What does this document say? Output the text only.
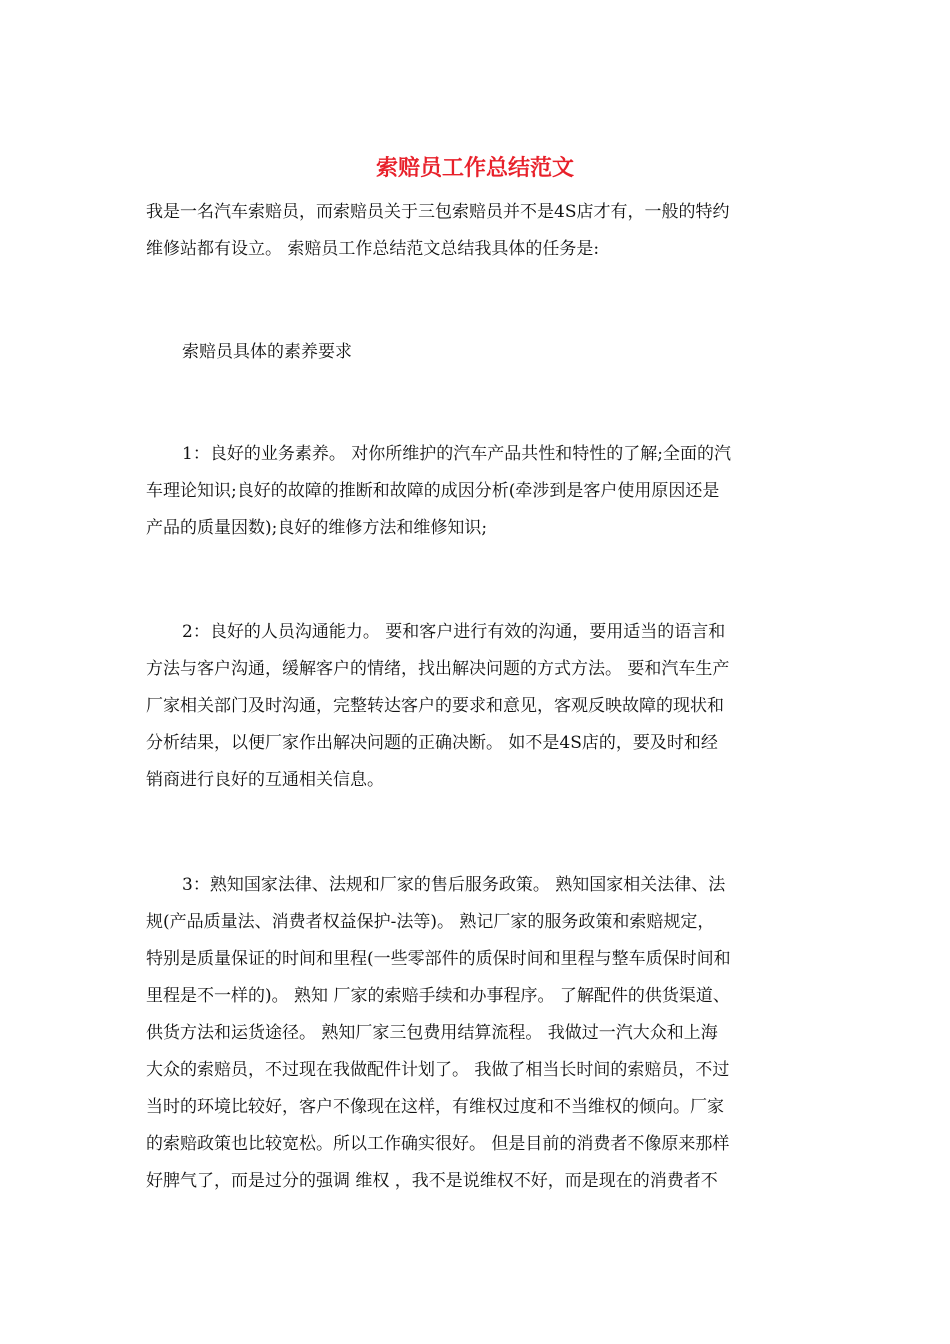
索赔员工作总结范文

我是一名汽车索赔员，而索赔员关于三包索赔员并不是4S店才有，一般的特约
维修站都有设立。 索赔员工作总结范文总结我具体的任务是:

索赔员具体的素养要求

1：良好的业务素养。 对你所维护的汽车产品共性和特性的了解;全面的汽
车理论知识;良好的故障的推断和故障的成因分析(牵涉到是客户使用原因还是
产品的质量因数);良好的维修方法和维修知识;

2：良好的人员沟通能力。 要和客户进行有效的沟通，要用适当的语言和
方法与客户沟通，缓解客户的情绪，找出解决问题的方式方法。 要和汽车生产
厂家相关部门及时沟通，完整转达客户的要求和意见，客观反映故障的现状和
分析结果，以便厂家作出解决问题的正确决断。 如不是4S店的，要及时和经
销商进行良好的互通相关信息。

3：熟知国家法律、法规和厂家的售后服务政策。 熟知国家相关法律、法
规(产品质量法、消费者权益保护-法等)。 熟记厂家的服务政策和索赔规定，
特别是质量保证的时间和里程(一些零部件的质保时间和里程与整车质保时间和
里程是不一样的)。 熟知 厂家的索赔手续和办事程序。 了解配件的供货渠道、
供货方法和运货途径。 熟知厂家三包费用结算流程。 我做过一汽大众和上海
大众的索赔员，不过现在我做配件计划了。 我做了相当长时间的索赔员，不过
当时的环境比较好，客户不像现在这样，有维权过度和不当维权的倾向。厂家
的索赔政策也比较宽松。所以工作确实很好。 但是目前的消费者不像原来那样
好脾气了，而是过分的强调 维权 ，我不是说维权不好，而是现在的消费者不
